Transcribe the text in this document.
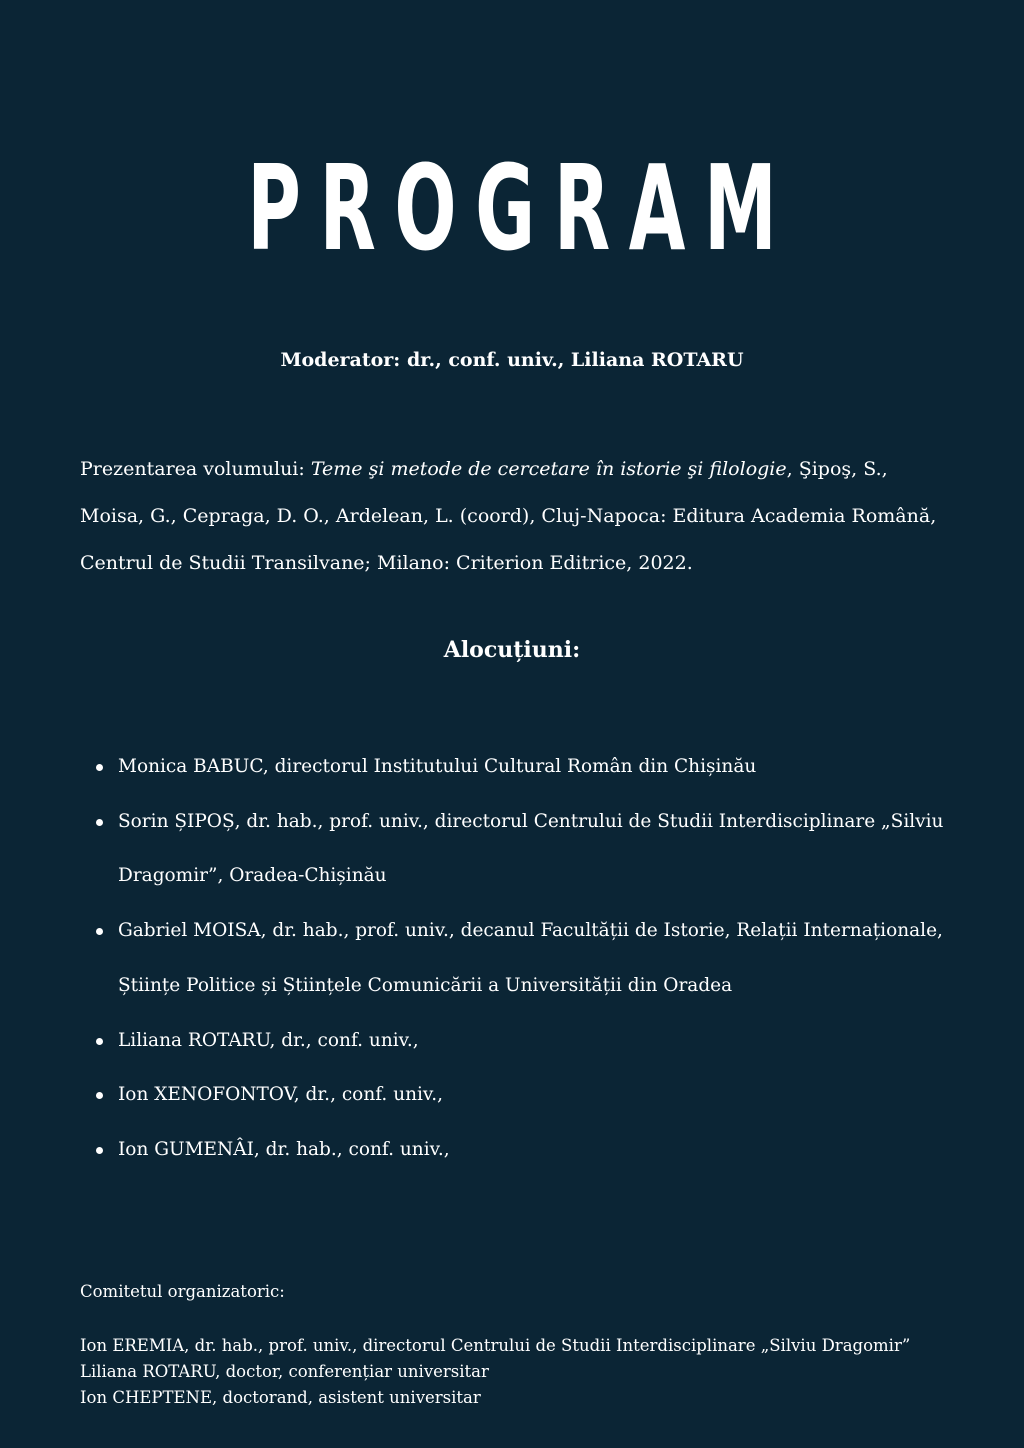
PROGRAM
Moderator: dr., conf. univ., Liliana ROTARU
Prezentarea volumului: Teme şi metode de cercetare în istorie şi filologie, Şipoş, S., Moisa, G., Cepraga, D. O., Ardelean, L. (coord), Cluj-Napoca: Editura Academia Română, Centrul de Studii Transilvane; Milano: Criterion Editrice, 2022.
Alocuțiuni:
Monica BABUC, directorul Institutului Cultural Român din Chișinău
Sorin ȘIPOȘ, dr. hab., prof. univ., directorul Centrului de Studii Interdisciplinare „Silviu Dragomir”, Oradea-Chișinău
Gabriel MOISA, dr. hab., prof. univ., decanul Facultății de Istorie, Relații Internaționale, Științe Politice și Științele Comunicării a Universității din Oradea
Liliana ROTARU, dr., conf. univ.,
Ion XENOFONTOV, dr., conf. univ.,
Ion GUMENÂI, dr. hab., conf. univ.,
Comitetul organizatoric:
Ion EREMIA, dr. hab., prof. univ., directorul Centrului de Studii Interdisciplinare „Silviu Dragomir”
Liliana ROTARU, doctor, conferențiar universitar
Ion CHEPTENE, doctorand, asistent universitar
